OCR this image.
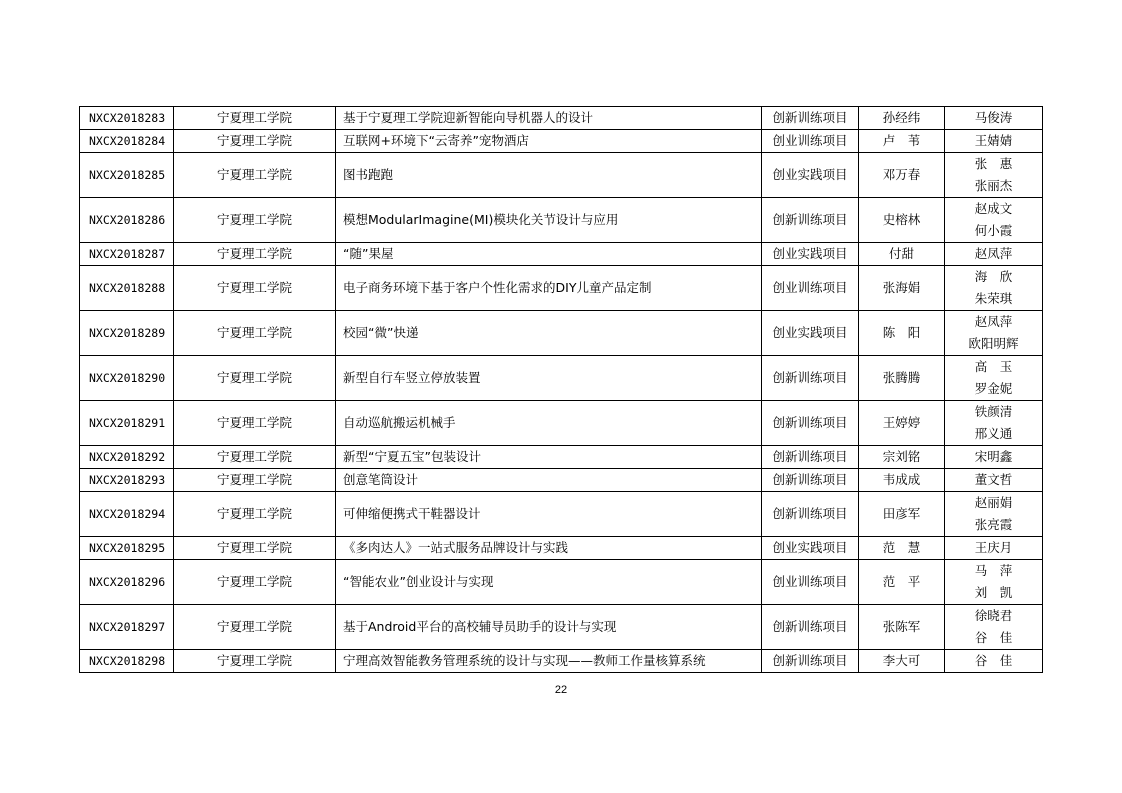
NXCX2018283	宁夏理工学院	基于宁夏理工学院迎新智能向导机器人的设计	创新训练项目	孙经纬	马俊涛

NXCX2018284	宁夏理工学院	互联网+环境下“云寄养”宠物酒店	创业训练项目	卢　苇	王婧婧

NXCX2018285	宁夏理工学院	图书跑跑	创业实践项目	邓万春	张　惠
张丽杰

NXCX2018286	宁夏理工学院	模想ModularImagine(MI)模块化关节设计与应用	创新训练项目	史榕林	赵成文
何小霞

NXCX2018287	宁夏理工学院	“随”果屋	创业实践项目	付甜	赵凤萍

NXCX2018288	宁夏理工学院	电子商务环境下基于客户个性化需求的DIY儿童产品定制	创业训练项目	张海娟	海　欣
朱荣琪

NXCX2018289	宁夏理工学院	校园“微”快递	创业实践项目	陈　阳	赵凤萍
欧阳明辉

NXCX2018290	宁夏理工学院	新型自行车竖立停放装置	创新训练项目	张腾腾	高　玉
罗金妮

NXCX2018291	宁夏理工学院	自动巡航搬运机械手	创新训练项目	王婷婷	铁颜清
邢义通

NXCX2018292	宁夏理工学院	新型“宁夏五宝”包装设计	创新训练项目	宗刘铭	宋明鑫

NXCX2018293	宁夏理工学院	创意笔筒设计	创新训练项目	韦成成	董文哲

NXCX2018294	宁夏理工学院	可伸缩便携式干鞋器设计	创新训练项目	田彦军	赵丽娟
张亮霞

NXCX2018295	宁夏理工学院	《多肉达人》一站式服务品牌设计与实践	创业实践项目	范　慧	王庆月

NXCX2018296	宁夏理工学院	“智能农业”创业设计与实现	创业训练项目	范　平	马　萍
刘　凯

NXCX2018297	宁夏理工学院	基于Android平台的高校辅导员助手的设计与实现	创新训练项目	张陈军	徐晓君
谷　佳

NXCX2018298	宁夏理工学院	宁理高效智能教务管理系统的设计与实现——教师工作量核算系统	创新训练项目	李大可	谷　佳
22
